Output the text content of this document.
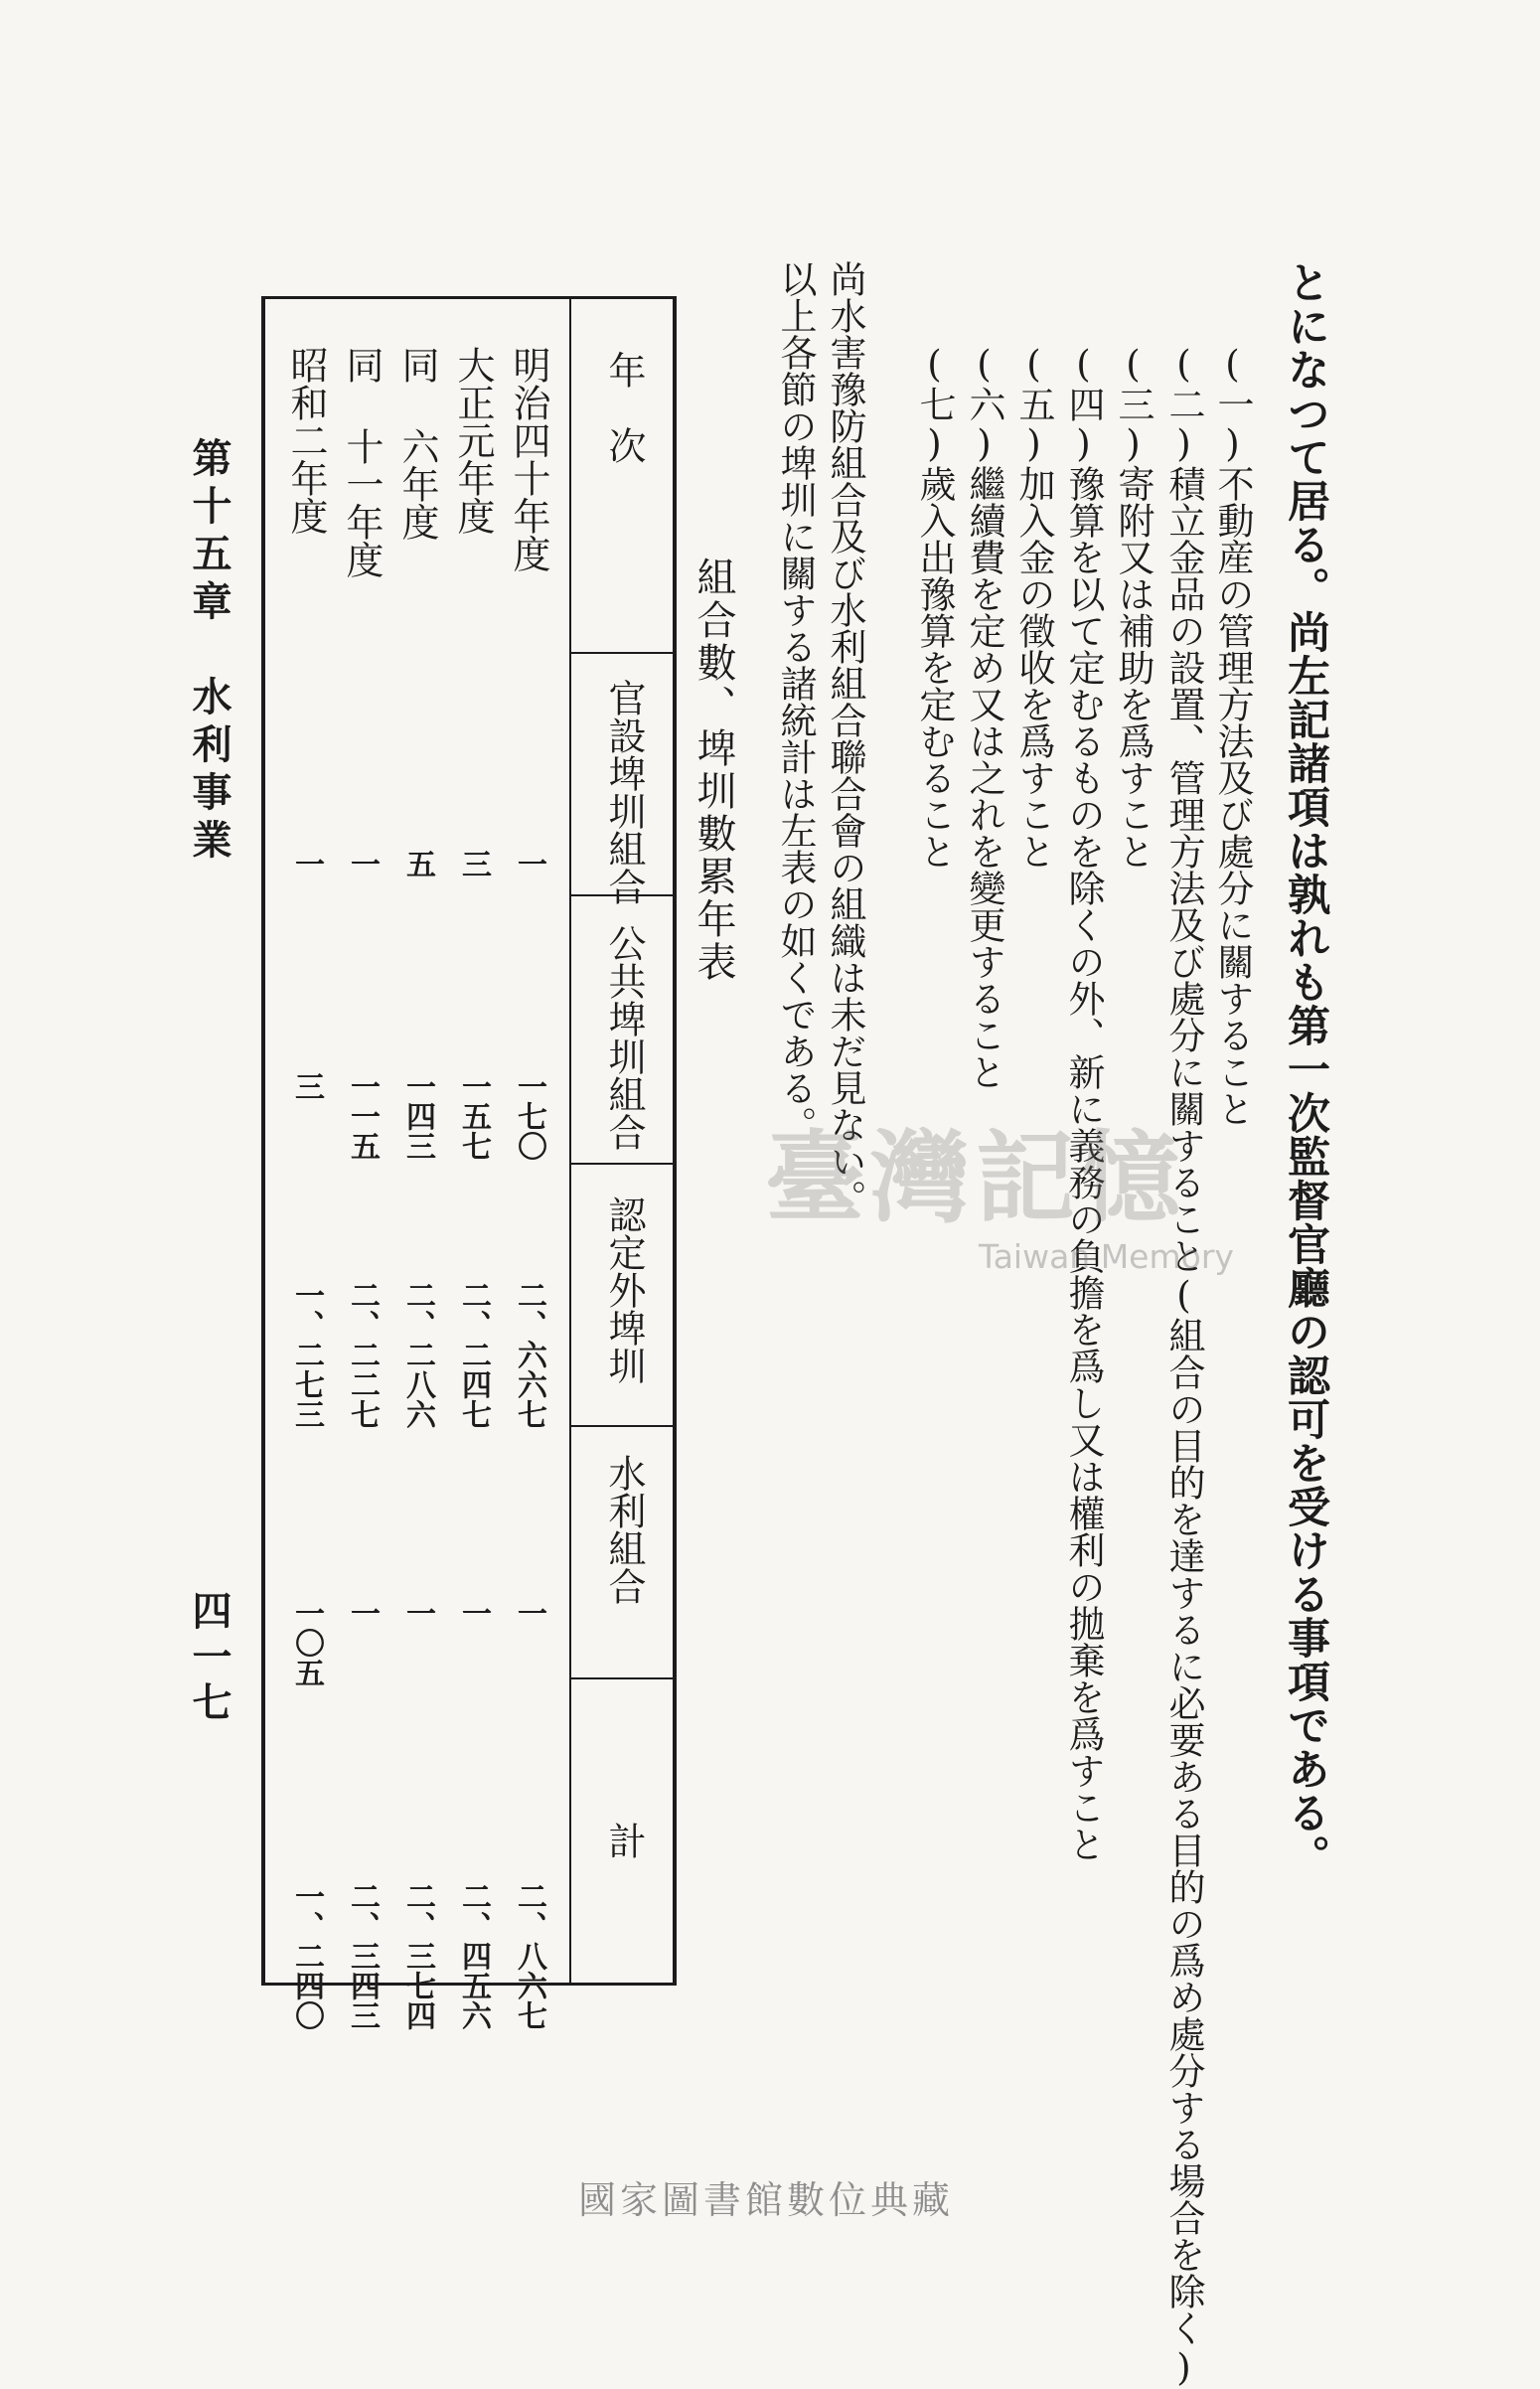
とになつて居る。尚左記諸項は孰れも第一次監督官廳の認可を受ける事項である。
(一)不動産の管理方法及び處分に關すること
(二)積立金品の設置、管理方法及び處分に關すること(組合の目的を達するに必要ある目的の爲め處分する場合を除く)
(三)寄附又は補助を爲すこと
(四)豫算を以て定むるものを除くの外、新に義務の負擔を爲し又は權利の拋棄を爲すこと
(五)加入金の徵收を爲すこと
(六)繼續費を定め又は之れを變更すること
(七)歲入出豫算を定むること
尚水害豫防組合及び水利組合聯合會の組織は未だ見ない。
以上各節の埤圳に關する諸統計は左表の如くである。
組合數、埤圳數累年表
年　次
官設埤圳組合
公共埤圳組合
認定外埤圳
水利組合
計
明治四十年度
一
一七〇
二、六六七
一
二、八六七
大正元年度
三
一五七
二、二四七
一
二、四五六
同 六年度
五
一四三
二、二八六
一
二、三七四
同 十一年度
一
一一五
二、二二七
一
二、三四三
昭和二年度
一
三
一、二七三
一〇五
一、二四〇
第十五章　水利事業
四一七
臺灣記憶
Taiwan Memory
國家圖書館數位典藏
